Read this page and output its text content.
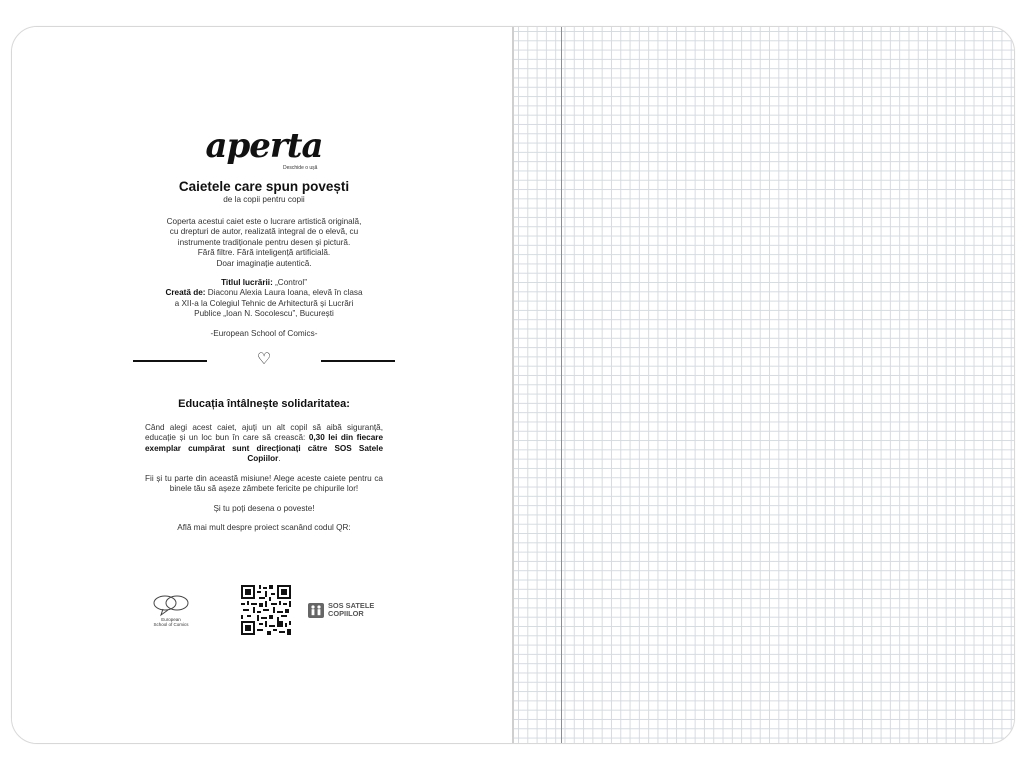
aperta
Deschide o ușă
Caietele care spun povești
de la copii pentru copii
Coperta acestui caiet este o lucrare artistică originală,
cu drepturi de autor, realizată integral de o elevă, cu
instrumente tradiționale pentru desen și pictură.
Fără filtre. Fără inteligență artificială.
Doar imaginație autentică.
Titlul lucrării: „Control”
Creată de: Diaconu Alexia Laura Ioana, elevă în clasa
a XII-a la Colegiul Tehnic de Arhitectură și Lucrări
Publice „Ioan N. Socolescu”, București
-European School of Comics-
♡
Educația întâlnește solidaritatea:
Când alegi acest caiet, ajuți un alt copil să aibă siguranță, educație și un loc bun în care să crească: 0,30 lei din fiecare exemplar cumpărat sunt direcționați către SOS Satele Copiilor.
Fii și tu parte din această misiune! Alege aceste caiete pentru ca binele tău să așeze zâmbete fericite pe chipurile lor!
Și tu poți desena o poveste!
Află mai mult despre proiect scanând codul QR:
European
School of Comics
SOS SATELE
COPIILOR
